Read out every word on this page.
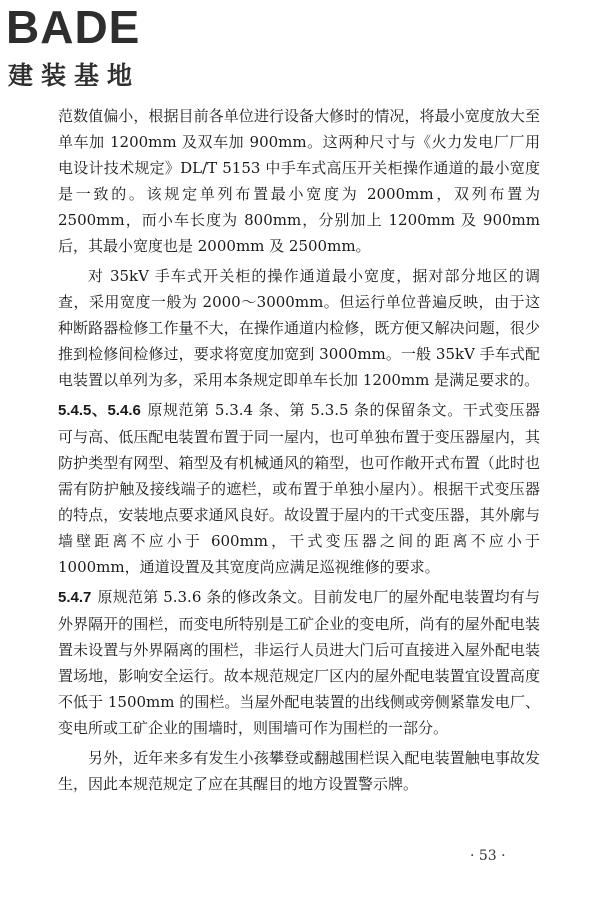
BADE
建装基地

范数值偏小，根据目前各单位进行设备大修时的情况，将最小宽度放大至单车加 1200mm 及双车加 900mm。这两种尺寸与《火力发电厂厂用电设计技术规定》DL/T 5153 中手车式高压开关柜操作通道的最小宽度是一致的。该规定单列布置最小宽度为 2000mm，双列布置为 2500mm，而小车长度为 800mm，分别加上 1200mm 及 900mm 后，其最小宽度也是 2000mm 及 2500mm。

对 35kV 手车式开关柜的操作通道最小宽度，据对部分地区的调查，采用宽度一般为 2000～3000mm。但运行单位普遍反映，由于这种断路器检修工作量不大，在操作通道内检修，既方便又解决问题，很少推到检修间检修过，要求将宽度加宽到 3000mm。一般 35kV 手车式配电装置以单列为多，采用本条规定即单车长加 1200mm 是满足要求的。

5.4.5、5.4.6 原规范第 5.3.4 条、第 5.3.5 条的保留条文。干式变压器可与高、低压配电装置布置于同一屋内，也可单独布置于变压器屋内，其防护类型有网型、箱型及有机械通风的箱型，也可作敞开式布置（此时也需有防护触及接线端子的遮栏，或布置于单独小屋内）。根据干式变压器的特点，安装地点要求通风良好。故设置于屋内的干式变压器，其外廓与墙壁距离不应小于 600mm，干式变压器之间的距离不应小于 1000mm，通道设置及其宽度尚应满足巡视维修的要求。

5.4.7 原规范第 5.3.6 条的修改条文。目前发电厂的屋外配电装置均有与外界隔开的围栏，而变电所特别是工矿企业的变电所，尚有的屋外配电装置未设置与外界隔离的围栏，非运行人员进大门后可直接进入屋外配电装置场地，影响安全运行。故本规范规定厂区内的屋外配电装置宜设置高度不低于 1500mm 的围栏。当屋外配电装置的出线侧或旁侧紧靠发电厂、变电所或工矿企业的围墙时，则围墙可作为围栏的一部分。

另外，近年来多有发生小孩攀登或翻越围栏误入配电装置触电事故发生，因此本规范规定了应在其醒目的地方设置警示牌。

· 53 ·
